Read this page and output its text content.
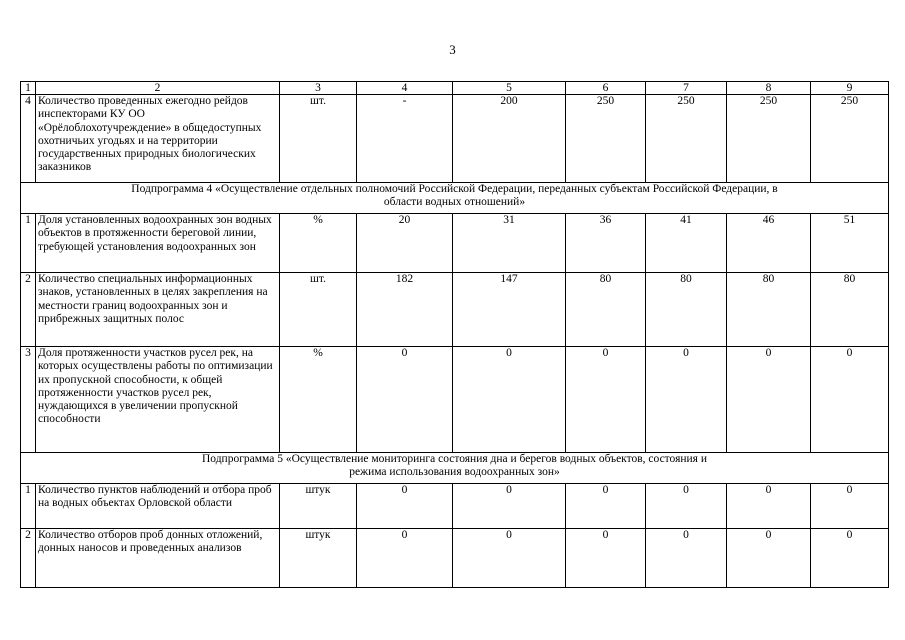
3
1	2	3	4	5	6	7	8	9
4	Количество проведенных ежегодно рейдов инспекторами КУ ОО «Орёлоблохотучреждение» в общедоступных охотничьих угодьях и на территории государственных природных биологических заказников	шт.	-	200	250	250	250	250
Подпрограмма 4 «Осуществление отдельных полномочий Российской Федерации, переданных субъектам Российской Федерации, в области водных отношений»								
1	Доля установленных водоохранных зон водных объектов в протяженности береговой линии, требующей установления водоохранных зон	%	20	31	36	41	46	51
2	Количество специальных информационных знаков, установленных в целях закрепления на местности границ водоохранных зон и прибрежных защитных полос	шт.	182	147	80	80	80	80
3	Доля протяженности участков русел рек, на которых осуществлены работы по оптимизации их пропускной способности, к общей протяженности участков русел рек, нуждающихся в увеличении пропускной способности	%	0	0	0	0	0	0
Подпрограмма 5 «Осуществление мониторинга состояния дна и берегов водных объектов, состояния и режима использования водоохранных зон»								
1	Количество пунктов наблюдений и отбора проб на водных объектах Орловской области	штук	0	0	0	0	0	0
2	Количество отборов проб донных отложений, донных наносов и проведенных анализов	штук	0	0	0	0	0	0
